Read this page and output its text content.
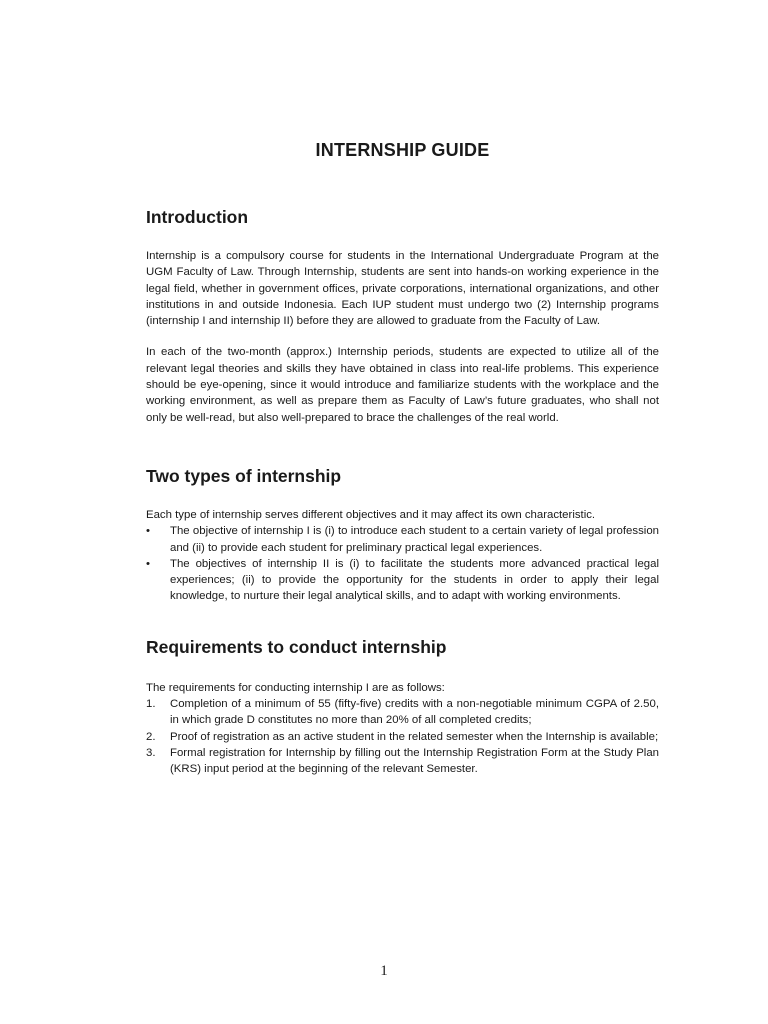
INTERNSHIP GUIDE
Introduction

Internship is a compulsory course for students in the International Undergraduate Program at the UGM Faculty of Law. Through Internship, students are sent into hands-on working experience in the legal field, whether in government offices, private corporations, international organizations, and other institutions in and outside Indonesia. Each IUP student must undergo two (2) Internship programs (internship I and internship II) before they are allowed to graduate from the Faculty of Law.

In each of the two-month (approx.) Internship periods, students are expected to utilize all of the relevant legal theories and skills they have obtained in class into real-life problems. This experience should be eye-opening, since it would introduce and familiarize students with the workplace and the working environment, as well as prepare them as Faculty of Law’s future graduates, who shall not only be well-read, but also well-prepared to brace the challenges of the real world.

Two types of internship

Each type of internship serves different objectives and it may affect its own characteristic.

• The objective of internship I is (i) to introduce each student to a certain variety of legal profession and (ii) to provide each student for preliminary practical legal experiences.
• The objectives of internship II is (i) to facilitate the students more advanced practical legal experiences; (ii) to provide the opportunity for the students in order to apply their legal knowledge, to nurture their legal analytical skills, and to adapt with working environments.
Requirements to conduct internship

The requirements for conducting internship I are as follows:

1. Completion of a minimum of 55 (fifty-five) credits with a non-negotiable minimum CGPA of 2.50, in which grade D constitutes no more than 20% of all completed credits;
2. Proof of registration as an active student in the related semester when the Internship is available;
3. Formal registration for Internship by filling out the Internship Registration Form at the Study Plan (KRS) input period at the beginning of the relevant Semester.
1
